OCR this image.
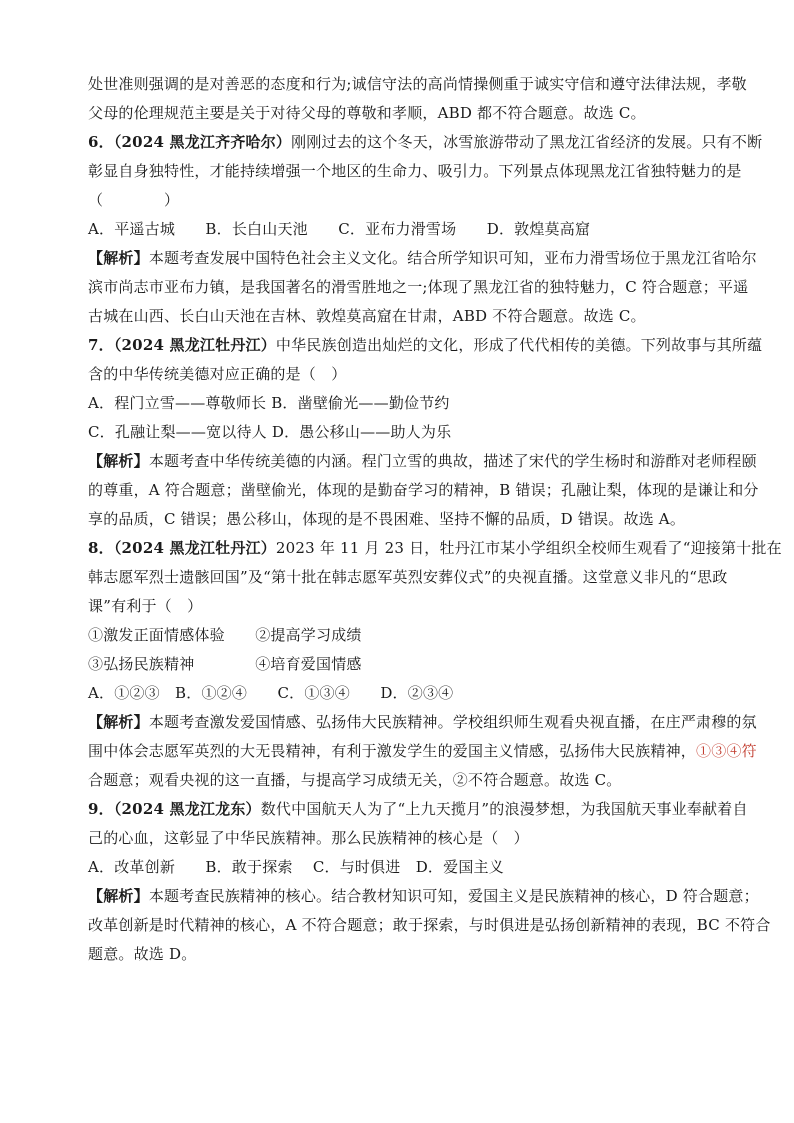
处世准则强调的是对善恶的态度和行为;诚信守法的高尚情操侧重于诚实守信和遵守法律法规，孝敬
父母的伦理规范主要是关于对待父母的尊敬和孝顺，ABD 都不符合题意。故选 C。
6．（2024 黑龙江齐齐哈尔）刚刚过去的这个冬天，冰雪旅游带动了黑龙江省经济的发展。只有不断
彰显自身独特性，才能持续增强一个地区的生命力、吸引力。下列景点体现黑龙江省独特魅力的是
（　　　　）
A．平遥古城　　B．长白山天池　　C．亚布力滑雪场　　D．敦煌莫高窟
【解析】本题考查发展中国特色社会主义文化。结合所学知识可知，亚布力滑雪场位于黑龙江省哈尔
滨市尚志市亚布力镇，是我国著名的滑雪胜地之一;体现了黑龙江省的独特魅力，C 符合题意；平遥
古城在山西、长白山天池在吉林、敦煌莫高窟在甘肃，ABD 不符合题意。故选 C。
7．（2024 黑龙江牡丹江）中华民族创造出灿烂的文化，形成了代代相传的美德。下列故事与其所蕴
含的中华传统美德对应正确的是（　）
A．程门立雪——尊敬师长 B．凿壁偷光——勤俭节约
C．孔融让梨——宽以待人 D．愚公移山——助人为乐
【解析】本题考查中华传统美德的内涵。程门立雪的典故，描述了宋代的学生杨时和游酢对老师程颐
的尊重，A 符合题意；凿壁偷光，体现的是勤奋学习的精神，B 错误；孔融让梨，体现的是谦让和分
享的品质，C 错误；愚公移山，体现的是不畏困难、坚持不懈的品质，D 错误。故选 A。
8．（2024 黑龙江牡丹江）2023 年 11 月 23 日，牡丹江市某小学组织全校师生观看了“迎接第十批在
韩志愿军烈士遗骸回国”及“第十批在韩志愿军英烈安葬仪式”的央视直播。这堂意义非凡的“思政
课”有利于（　）
①激发正面情感体验　　②提高学习成绩
③弘扬民族精神　　　　④培育爱国情感
A．①②③　B．①②④　　C．①③④　　D．②③④
【解析】本题考查激发爱国情感、弘扬伟大民族精神。学校组织师生观看央视直播，在庄严肃穆的氛
围中体会志愿军英烈的大无畏精神，有利于激发学生的爱国主义情感，弘扬伟大民族精神，①③④符
合题意；观看央视的这一直播，与提高学习成绩无关，②不符合题意。故选 C。
9．（2024 黑龙江龙东）数代中国航天人为了“上九天揽月”的浪漫梦想，为我国航天事业奉献着自
己的心血，这彰显了中华民族精神。那么民族精神的核心是（　）
A．改革创新　　B．敢于探索　 C．与时俱进　D．爱国主义
【解析】本题考查民族精神的核心。结合教材知识可知，爱国主义是民族精神的核心，D 符合题意；
改革创新是时代精神的核心，A 不符合题意；敢于探索，与时俱进是弘扬创新精神的表现，BC 不符合
题意。故选 D。
